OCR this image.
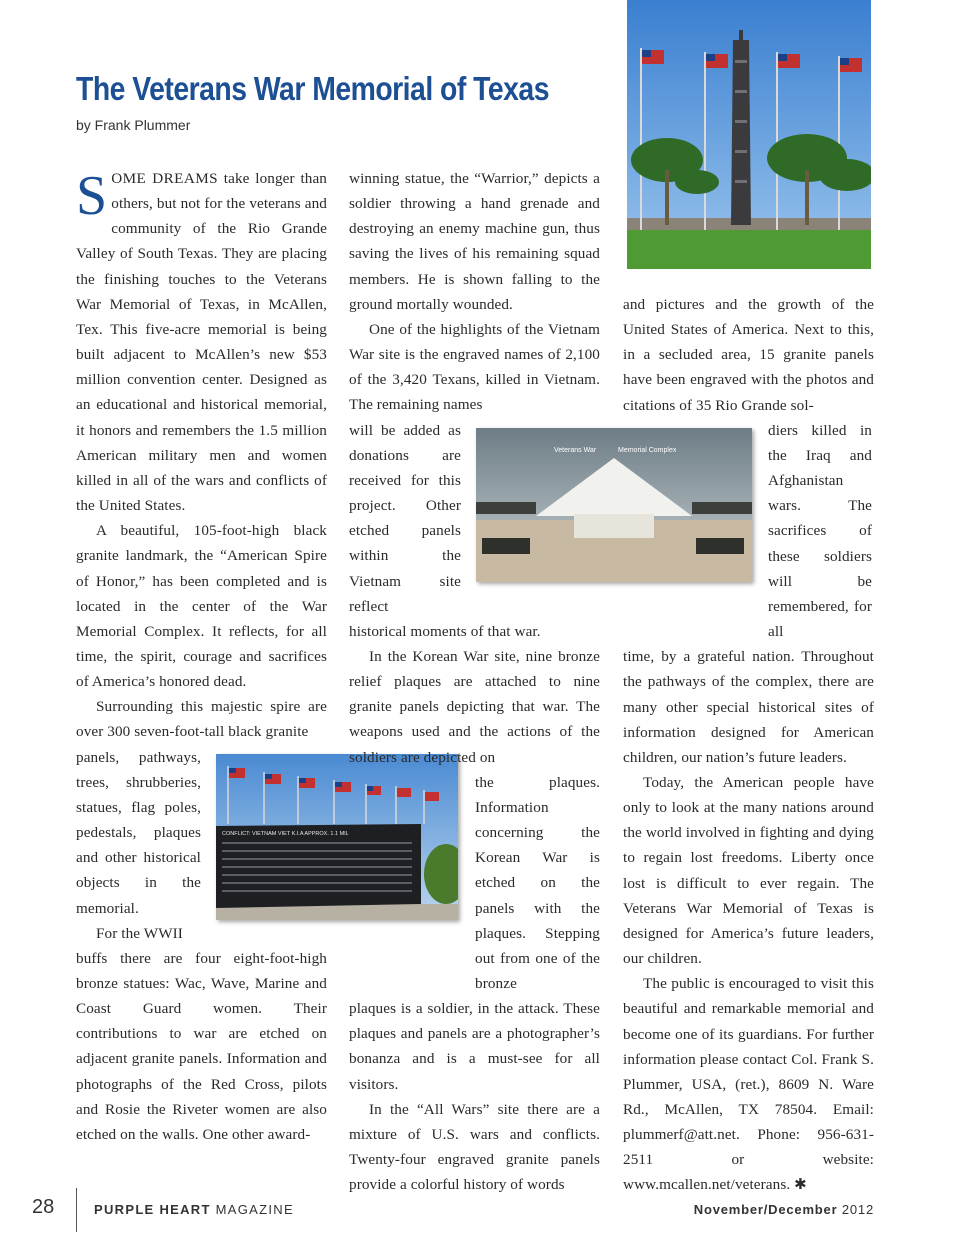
The Veterans War Memorial of Texas
by Frank Plummer
Veterans War	Memorial Complex
CONFLICT: VIETNAM VIET K.I.A APPROX. 1.1 MIL

SOME DREAMS take longer than others, but not for the veterans and community of the Rio Grande Valley of South Texas. They are placing the finishing touches to the Veterans War Memorial of Texas, in McAllen, Tex. This five-acre memorial is being built adjacent to McAllen’s new $53 million convention center. Designed as an educational and historical memorial, it honors and remembers the 1.5 million American military men and women killed in all of the wars and conflicts of the United States.

A beautiful, 105-foot-high black granite landmark, the “American Spire of Honor,” has been completed and is located in the center of the War Memorial Complex. It reflects, for all time, the spirit, courage and sacrifices of America’s honored dead.

Surrounding this majestic spire are over 300 seven-foot-tall black granite

panels, pathways, trees, shrubberies, statues, flag poles, pedestals, plaques and other historical objects in the memorial.

For the WWII

buffs there are four eight-foot-high bronze statues: Wac, Wave, Marine and Coast Guard women. Their contributions to war are etched on adjacent granite panels. Information and photographs of the Red Cross, pilots and Rosie the Riveter women are also etched on the walls. One other award-

winning statue, the “Warrior,” depicts a soldier throwing a hand grenade and destroying an enemy machine gun, thus saving the lives of his remaining squad members. He is shown falling to the ground mortally wounded.

One of the highlights of the Vietnam War site is the engraved names of 2,100 of the 3,420 Texans, killed in Vietnam. The remaining names

will be added as donations are received for this project. Other etched panels within the Vietnam site reflect

historical moments of that war.

In the Korean War site, nine bronze relief plaques are attached to nine granite panels depicting that war. The weapons used and the actions of the soldiers are depicted on

the plaques. Information concerning the Korean War is etched on the panels with the plaques. Stepping out from one of the bronze

plaques is a soldier, in the attack. These plaques and panels are a photographer’s bonanza and is a must-see for all visitors.

In the “All Wars” site there are a mixture of U.S. wars and conflicts. Twenty-four engraved granite panels provide a colorful history of words

and pictures and the growth of the United States of America. Next to this, in a secluded area, 15 granite panels have been engraved with the photos and citations of 35 Rio Grande sol-

diers killed in the Iraq and Afghanistan wars. The sacrifices of these soldiers will be remembered, for all

time, by a grateful nation. Throughout the pathways of the complex, there are many other special historical sites of information designed for American children, our nation’s future leaders.

Today, the American people have only to look at the many nations around the world involved in fighting and dying to regain lost freedoms. Liberty once lost is difficult to ever regain. The Veterans War Memorial of Texas is designed for America’s future leaders, our children.

The public is encouraged to visit this beautiful and remarkable memorial and become one of its guardians. For further information please contact Col. Frank S. Plummer, USA, (ret.), 8609 N. Ware Rd., McAllen, TX 78504. Email: plummerf@att.net. Phone: 956-631-2511 or website: www.mcallen.net/veterans. ✱

28	PURPLE HEART MAGAZINE	November/December 2012
